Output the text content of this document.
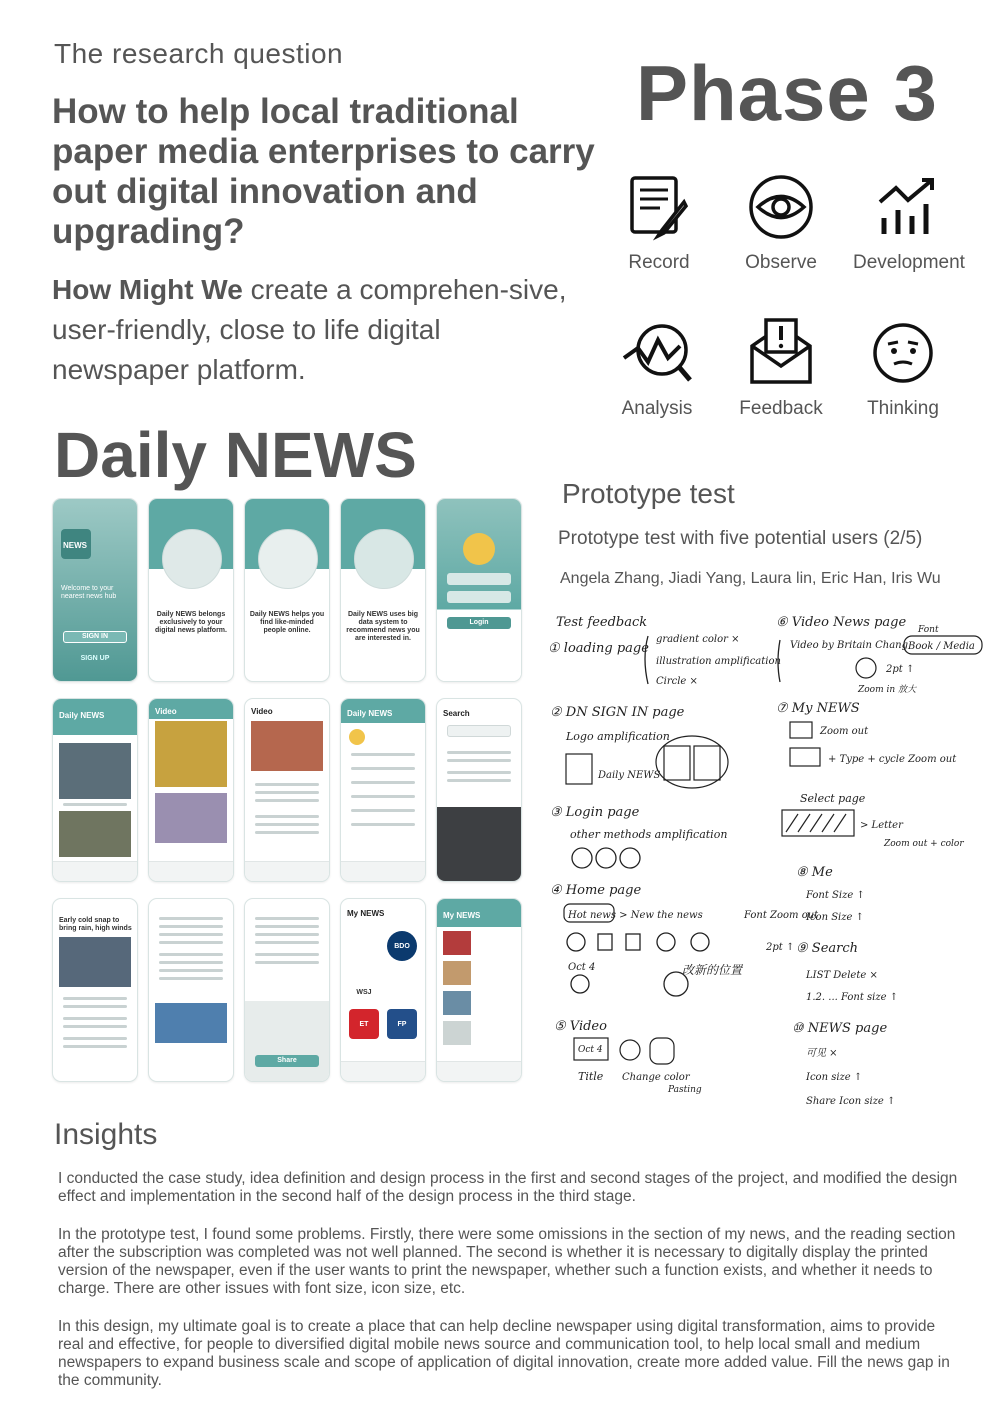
The research question
How to help local traditional paper media enterprises to carry out digital innovation and upgrading?
How Might We create a comprehen-sive, user-friendly, close to life digital newspaper platform.
Phase 3
Record	Observe	Development
Analysis	Feedback	Thinking
Daily NEWS
NEWS
Welcome to your nearest news hub
SIGN IN
SIGN UP
Daily NEWS belongs exclusively to your digital news platform.
Daily NEWS helps you find like-minded people online.
Daily NEWS uses big data system to recommend news you are interested in.
Login
Daily NEWS	Video	Video	Daily NEWS	Search
Early cold snap to bring rain, high winds
Share
My NEWS
BDO
WSJ
ET	FP
My NEWS
Prototype test
Prototype test with five potential users (2/5)
Angela Zhang, Jiadi Yang, Laura lin, Eric Han, Iris Wu
Test feedback
① loading page
gradient color ×
illustration amplification
Circle ×
② DN SIGN IN page
Logo amplification
Daily NEWS
③ Login page
other methods amplification
④ Home page
Hot news > New the news	Font Zoom out
2pt ↑
Oct 4	改新的位置
⑤ Video
Oct 4
Title Change color
Pasting
⑥ Video News page
Video by Britain Chang Book / Media
Font
2pt ↑
Zoom in 放大
⑦ My NEWS
Zoom out
+ Type + cycle Zoom out
Select page
> Letter
Zoom out + color
⑧ Me
Font Size ↑
Icon Size ↑
⑨ Search
LIST Delete ×
1.2. ... Font size ↑
⑩ NEWS page
可见 ×
Icon size ↑
Share Icon size ↑
Insights
I conducted the case study, idea definition and design process in the first and second stages of the project, and modified the design effect and implementation in the second half of the design process in the third stage.
In the prototype test, I found some problems. Firstly, there were some omissions in the section of my news, and the reading section after the subscription was completed was not well planned. The second is whether it is necessary to digitally display the printed version of the newspaper, even if the user wants to print the newspaper, whether such a function exists, and whether it needs to charge. There are other issues with font size, icon size, etc.
In this design, my ultimate goal is to create a place that can help decline newspaper using digital transformation, aims to provide real and effective, for people to diversified digital mobile news source and communication tool, to help local small and medium newspapers to expand business scale and scope of application of digital innovation, create more added value. Fill the news gap in the community.
